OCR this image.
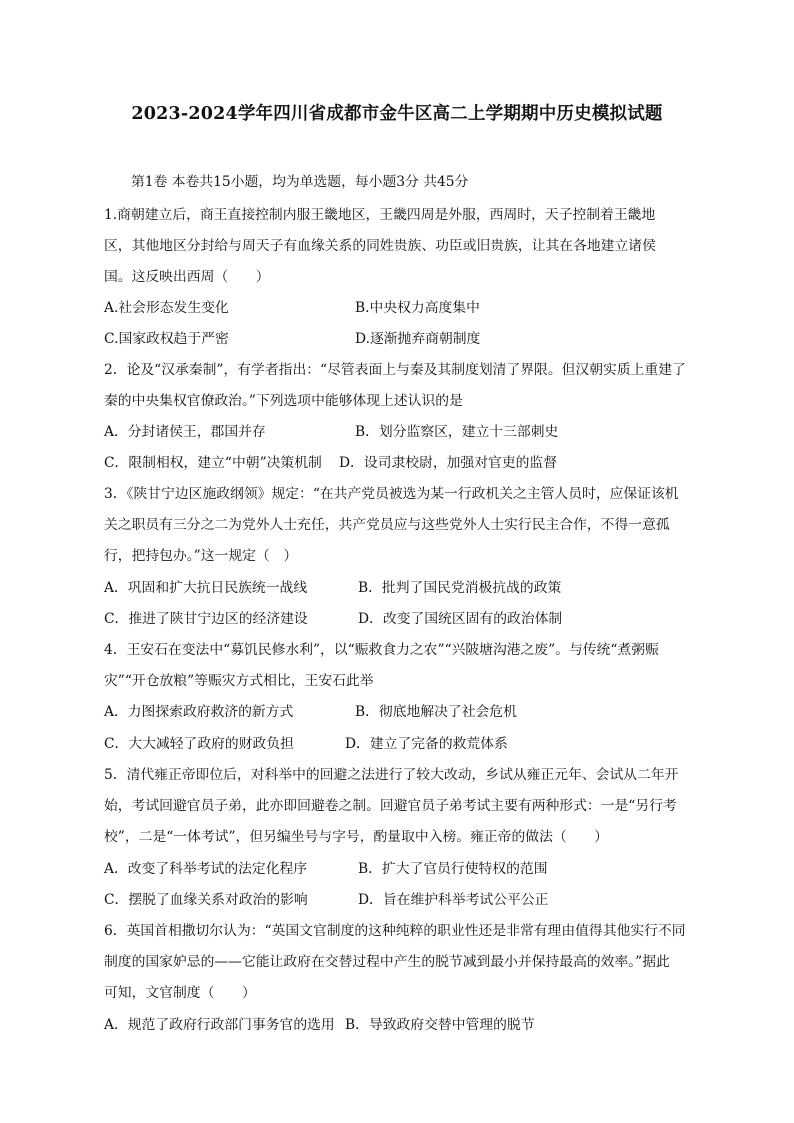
2023-2024学年四川省成都市金牛区高二上学期期中历史模拟试题
第1卷 本卷共15小题，均为单选题，每小题3分 共45分
1.商朝建立后，商王直接控制内服王畿地区，王畿四周是外服，西周时，天子控制着王畿地
区，其他地区分封给与周天子有血缘关系的同姓贵族、功臣或旧贵族，让其在各地建立诸侯
国。这反映出西周（　　）
A.社会形态发生变化	B.中央权力高度集中
C.国家政权趋于严密	D.逐渐抛弃商朝制度
2．论及“汉承秦制”，有学者指出：“尽管表面上与秦及其制度划清了界限。但汉朝实质上重建了
秦的中央集权官僚政治。”下列选项中能够体现上述认识的是
A．分封诸侯王，郡国并存	B．划分监察区，建立十三部刺史
C．限制相权，建立“中朝”决策机制 D．设司隶校尉，加强对官吏的监督
3．《陕甘宁边区施政纲领》规定：“在共产党员被选为某一行政机关之主管人员时，应保证该机
关之职员有三分之二为党外人士充任，共产党员应与这些党外人士实行民主合作，不得一意孤
行，把持包办。”这一规定（　）
A．巩固和扩大抗日民族统一战线	B．批判了国民党消极抗战的政策
C．推进了陕甘宁边区的经济建设	D．改变了国统区固有的政治体制
4．王安石在变法中“募饥民修水利”，以“赈救食力之农”“兴陂塘沟港之废”。与传统“煮粥赈
灾”“开仓放粮”等赈灾方式相比，王安石此举
A．力图探索政府救济的新方式	B．彻底地解决了社会危机
C．大大减轻了政府的财政负担	D．建立了完备的救荒体系
5．清代雍正帝即位后，对科举中的回避之法进行了较大改动，乡试从雍正元年、会试从二年开
始，考试回避官员子弟，此亦即回避卷之制。回避官员子弟考试主要有两种形式：一是“另行考
校”，二是“一体考试”，但另编坐号与字号，酌量取中入榜。雍正帝的做法（　　）
A．改变了科举考试的法定化程序	B．扩大了官员行使特权的范围
C．摆脱了血缘关系对政治的影响	D．旨在维护科举考试公平公正
6．英国首相撒切尔认为：“英国文官制度的这种纯粹的职业性还是非常有理由值得其他实行不同
制度的国家妒忌的——它能让政府在交替过程中产生的脱节减到最小并保持最高的效率。”据此
可知，文官制度（　　）
A．规范了政府行政部门事务官的选用 B．导致政府交替中管理的脱节
